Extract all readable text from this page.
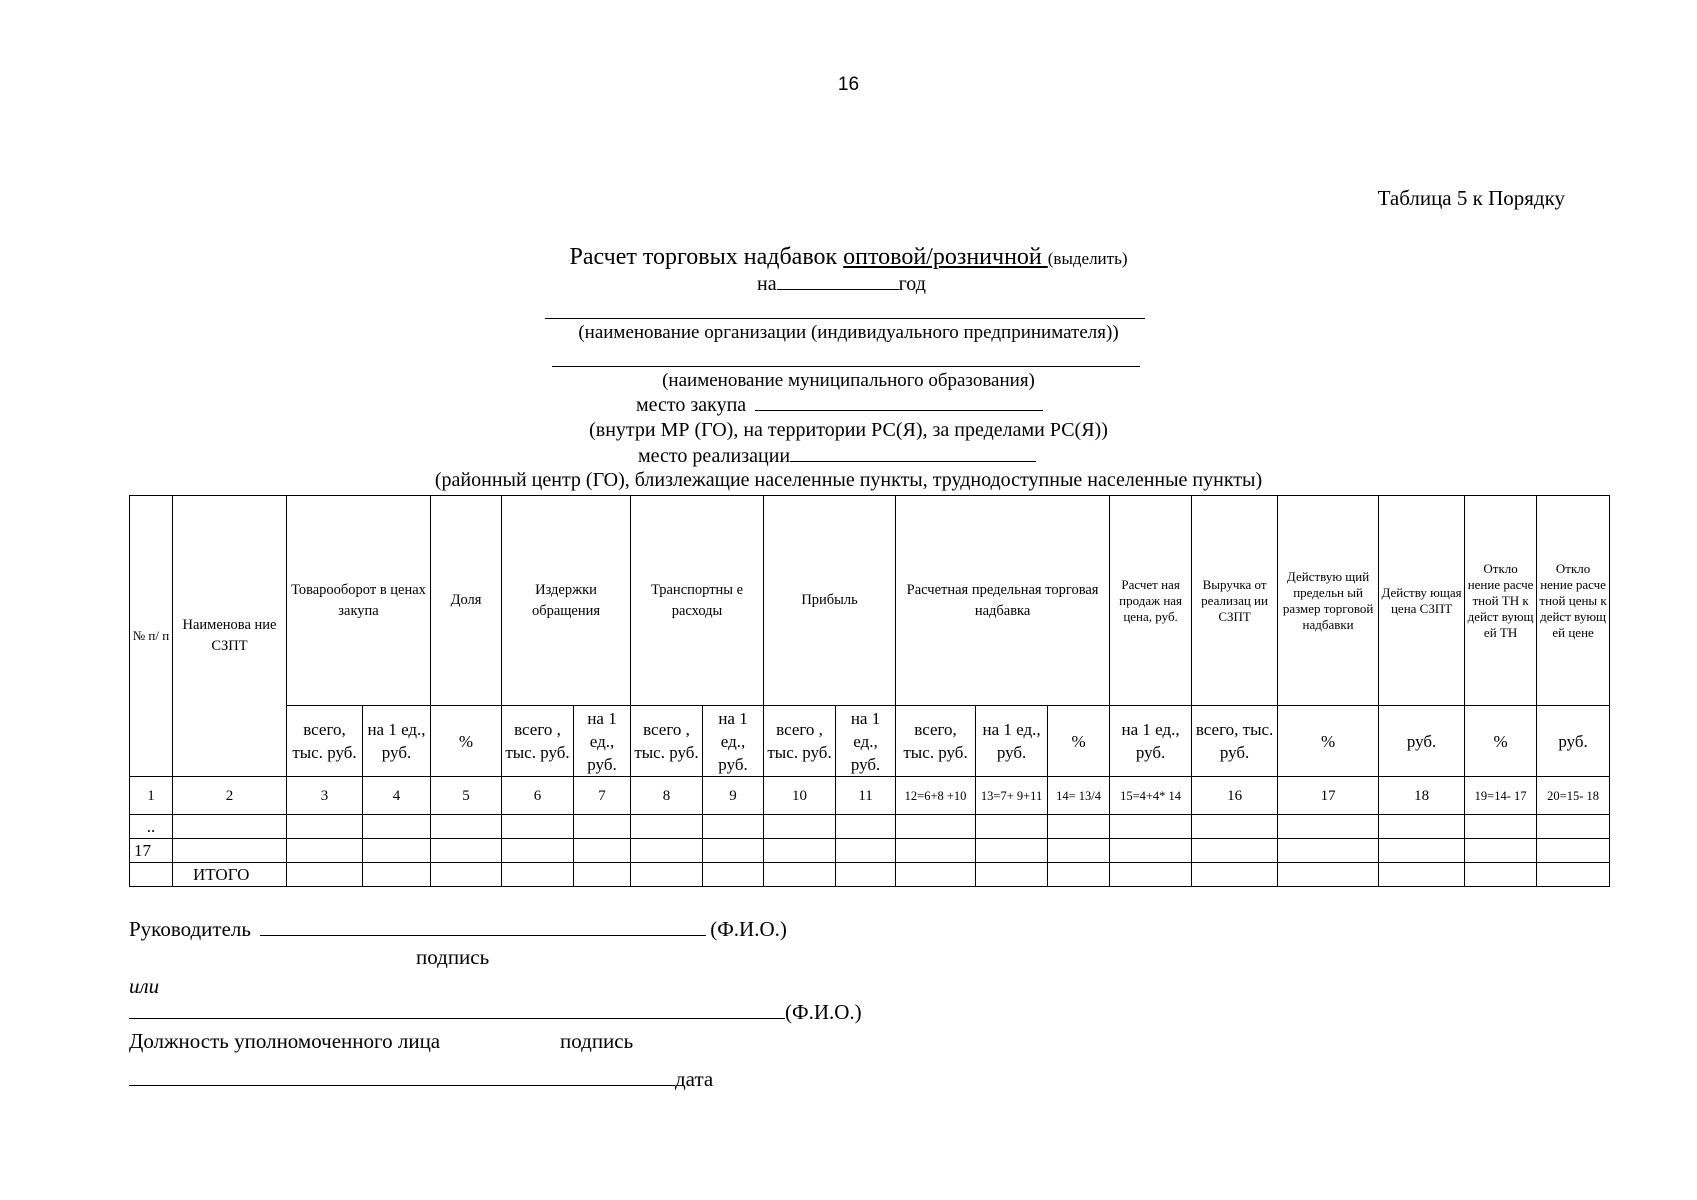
16
Таблица 5 к Порядку
Расчет торговых надбавок оптовой/розничной (выделить)
на	год
(наименование организации (индивидуального предпринимателя))
(наименование муниципального образования)
место закупа
(внутри МР (ГО), на территории РС(Я), за пределами РС(Я))
место реализации
(районный центр (ГО), близлежащие населенные пункты, труднодоступные населенные пункты)
№ п/ п	Наименова ние СЗПТ	Товарооборот в ценах закупа		Доля	Издержки обращения		Транспортны е расходы		Прибыль		Расчетная предельная торговая надбавка			Расчет ная продаж ная цена, руб.	Выручка от реализац ии СЗПТ	Действую щий предельн ый размер торговой надбавки	Действу ющая цена СЗПТ	Откло нение расче тной ТН к дейст вующ ей ТН	Откло нение расче тной цены к дейст вующ ей цене
		всего, тыс. руб.	на 1 ед., руб.	%	всего , тыс. руб.	на 1 ед., руб.	всего , тыс. руб.	на 1 ед., руб.	всего , тыс. руб.	на 1 ед., руб.	всего, тыс. руб.	на 1 ед., руб.	%	на 1 ед., руб.	всего, тыс. руб.	%	руб.	%	руб.
1	2	3	4	5	6	7	8	9	10	11	12=6+8 +10	13=7+ 9+11	14= 13/4	15=4+4* 14	16	17	18	19=14- 17	20=15- 18
..																			
17																			
	ИТОГО																		
Руководитель	(Ф.И.О.)
подпись
или
(Ф.И.О.)
Должность уполномоченного лица	подпись
дата
